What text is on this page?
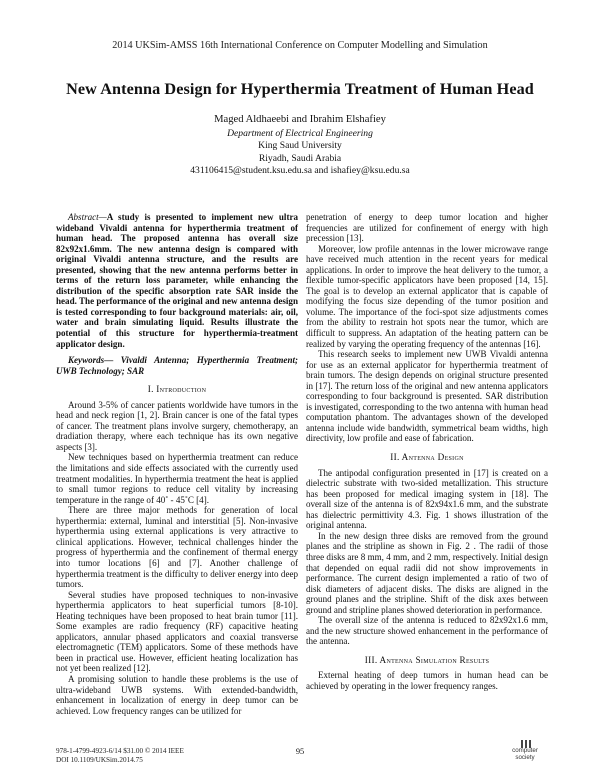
2014 UKSim-AMSS 16th International Conference on Computer Modelling and Simulation
New Antenna Design for Hyperthermia Treatment of Human Head
Maged Aldhaeebi and Ibrahim Elshafiey
Department of Electrical Engineering
King Saud University
Riyadh, Saudi Arabia
431106415@student.ksu.edu.sa and ishafiey@ksu.edu.sa

Abstract—A study is presented to implement new ultra wideband Vivaldi antenna for hyperthermia treatment of human head. The proposed antenna has overall size 82x92x1.6mm. The new antenna design is compared with original Vivaldi antenna structure, and the results are presented, showing that the new antenna performs better in terms of the return loss parameter, while enhancing the distribution of the specific absorption rate SAR inside the head. The performance of the original and new antenna design is tested corresponding to four background materials: air, oil, water and brain simulating liquid. Results illustrate the potential of this structure for hyperthermia-treatment applicator design.

Keywords— Vivaldi Antenna; Hyperthermia Treatment; UWB Technology; SAR

I. Introduction

Around 3-5% of cancer patients worldwide have tumors in the head and neck region [1, 2]. Brain cancer is one of the fatal types of cancer. The treatment plans involve surgery, chemotherapy, an dradiation therapy, where each technique has its own negative aspects [3].

New techniques based on hyperthermia treatment can reduce the limitations and side effects associated with the currently used treatment modalities. In hyperthermia treatment the heat is applied to small tumor regions to reduce cell vitality by increasing temperature in the range of 40˚ - 45˚C [4].

There are three major methods for generation of local hyperthermia: external, luminal and interstitial [5]. Non-invasive hyperthermia using external applications is very attractive to clinical applications. However, technical challenges hinder the progress of hyperthermia and the confinement of thermal energy into tumor locations [6] and [7]. Another challenge of hyperthermia treatment is the difficulty to deliver energy into deep tumors.

Several studies have proposed techniques to non-invasive hyperthermia applicators to heat superficial tumors [8-10]. Heating techniques have been proposed to heat brain tumor [11]. Some examples are radio frequency (RF) capacitive heating applicators, annular phased applicators and coaxial transverse electromagnetic (TEM) applicators. Some of these methods have been in practical use. However, efficient heating localization has not yet been realized [12].

A promising solution to handle these problems is the use of ultra-wideband UWB systems. With extended-bandwidth, enhancement in localization of energy in deep tumor can be achieved. Low frequency ranges can be utilized for

penetration of energy to deep tumor location and higher frequencies are utilized for confinement of energy with high precession [13].

Moreover, low profile antennas in the lower microwave range have received much attention in the recent years for medical applications. In order to improve the heat delivery to the tumor, a flexible tumor-specific applicators have been proposed [14, 15]. The goal is to develop an external applicator that is capable of modifying the focus size depending of the tumor position and volume. The importance of the foci-spot size adjustments comes from the ability to restrain hot spots near the tumor, which are difficult to suppress. An adaptation of the heating pattern can be realized by varying the operating frequency of the antennas [16].

This research seeks to implement new UWB Vivaldi antenna for use as an external applicator for hyperthermia treatment of brain tumors. The design depends on original structure presented in [17]. The return loss of the original and new antenna applicators corresponding to four background is presented. SAR distribution is investigated, corresponding to the two antenna with human head computation phantom. The advantages shown of the developed antenna include wide bandwidth, symmetrical beam widths, high directivity, low profile and ease of fabrication.

II. Antenna Design

The antipodal configuration presented in [17] is created on a dielectric substrate with two-sided metallization. This structure has been proposed for medical imaging system in [18]. The overall size of the antenna is of 82x94x1.6 mm, and the substrate has dielectric permittivity 4.3. Fig. 1 shows illustration of the original antenna.

In the new design three disks are removed from the ground planes and the stripline as shown in Fig. 2 . The radii of those three disks are 8 mm, 4 mm, and 2 mm, respectively. Initial design that depended on equal radii did not show improvements in performance. The current design implemented a ratio of two of disk diameters of adjacent disks. The disks are aligned in the ground planes and the stripline. Shift of the disk axes between ground and stripline planes showed deterioration in performance.

The overall size of the antenna is reduced to 82x92x1.6 mm, and the new structure showed enhancement in the performance of the antenna.

III. Antenna Simulation Results

External heating of deep tumors in human head can be achieved by operating in the lower frequency ranges.

978-1-4799-4923-6/14 $31.00 © 2014 IEEE
DOI 10.1109/UKSim.2014.75
95	computer
society
